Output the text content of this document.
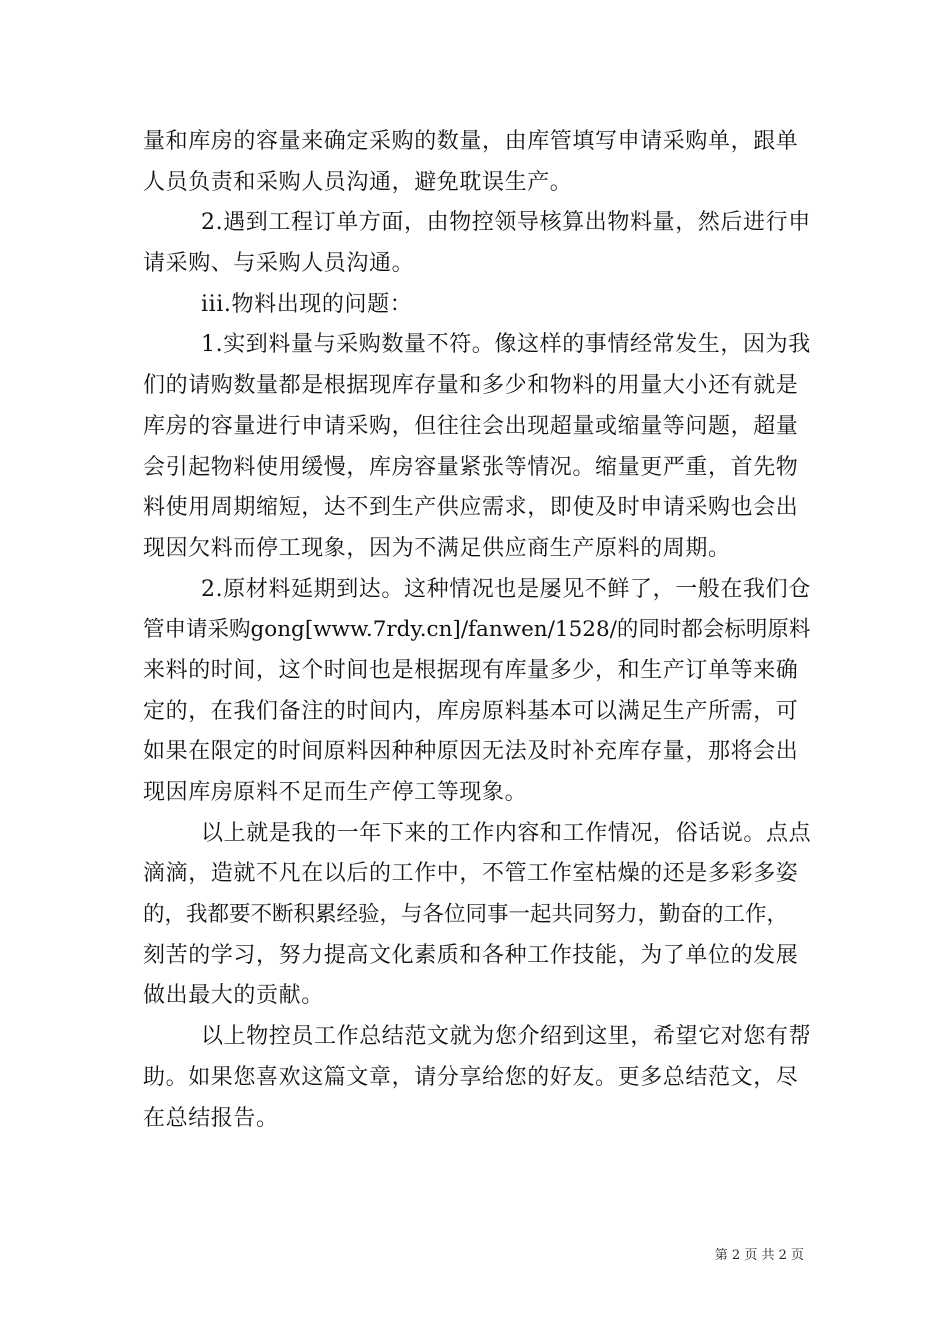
量和库房的容量来确定采购的数量，由库管填写申请采购单，跟单
人员负责和采购人员沟通，避免耽误生产。
2.遇到工程订单方面，由物控领导核算出物料量，然后进行申
请采购、与采购人员沟通。
iii.物料出现的问题：
1.实到料量与采购数量不符。像这样的事情经常发生，因为我
们的请购数量都是根据现库存量和多少和物料的用量大小还有就是
库房的容量进行申请采购，但往往会出现超量或缩量等问题，超量
会引起物料使用缓慢，库房容量紧张等情况。缩量更严重，首先物
料使用周期缩短，达不到生产供应需求，即使及时申请采购也会出
现因欠料而停工现象，因为不满足供应商生产原料的周期。
2.原材料延期到达。这种情况也是屡见不鲜了，一般在我们仓
管申请采购gong[www.7rdy.cn]/fanwen/1528/的同时都会标明原料
来料的时间，这个时间也是根据现有库量多少，和生产订单等来确
定的，在我们备注的时间内，库房原料基本可以满足生产所需，可
如果在限定的时间原料因种种原因无法及时补充库存量，那将会出
现因库房原料不足而生产停工等现象。
以上就是我的一年下来的工作内容和工作情况，俗话说。点点
滴滴，造就不凡在以后的工作中，不管工作室枯燥的还是多彩多姿
的，我都要不断积累经验，与各位同事一起共同努力，勤奋的工作，
刻苦的学习，努力提高文化素质和各种工作技能，为了单位的发展
做出最大的贡献。
以上物控员工作总结范文就为您介绍到这里，希望它对您有帮
助。如果您喜欢这篇文章，请分享给您的好友。更多总结范文，尽
在总结报告。
第 2 页 共 2 页
